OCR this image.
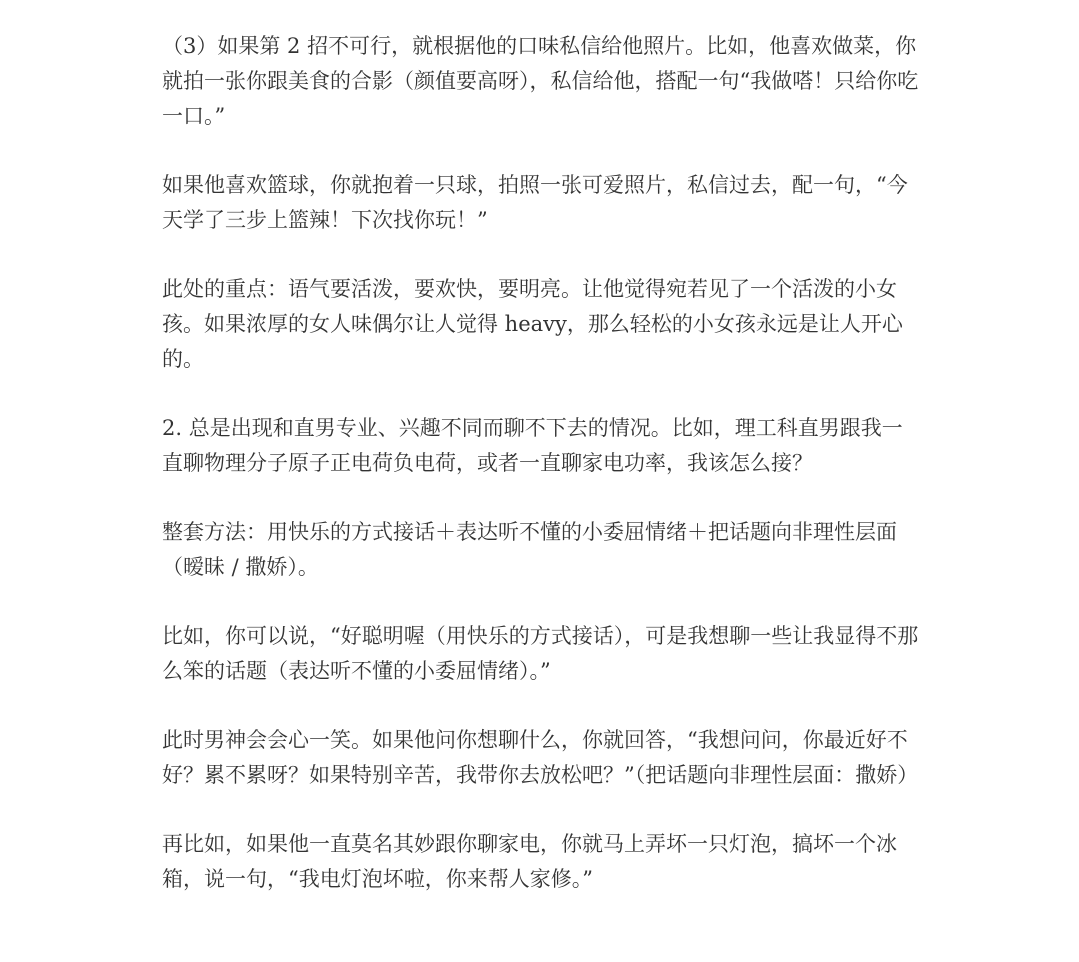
（3）如果第 2 招不可行，就根据他的口味私信给他照片。比如，他喜欢做菜，你就拍一张你跟美食的合影（颜值要高呀），私信给他，搭配一句“我做嗒！只给你吃一口。”

如果他喜欢篮球，你就抱着一只球，拍照一张可爱照片，私信过去，配一句，“今天学了三步上篮辣！下次找你玩！”

此处的重点：语气要活泼，要欢快，要明亮。让他觉得宛若见了一个活泼的小女孩。如果浓厚的女人味偶尔让人觉得 heavy，那么轻松的小女孩永远是让人开心的。

2. 总是出现和直男专业、兴趣不同而聊不下去的情况。比如，理工科直男跟我一直聊物理分子原子正电荷负电荷，或者一直聊家电功率，我该怎么接？

整套方法：用快乐的方式接话＋表达听不懂的小委屈情绪＋把话题向非理性层面（暧昧 / 撒娇）。

比如，你可以说，“好聪明喔（用快乐的方式接话），可是我想聊一些让我显得不那么笨的话题（表达听不懂的小委屈情绪）。”

此时男神会会心一笑。如果他问你想聊什么，你就回答，“我想问问，你最近好不好？累不累呀？如果特别辛苦，我带你去放松吧？”（把话题向非理性层面：撒娇）

再比如，如果他一直莫名其妙跟你聊家电，你就马上弄坏一只灯泡，搞坏一个冰箱，说一句，“我电灯泡坏啦，你来帮人家修。”
